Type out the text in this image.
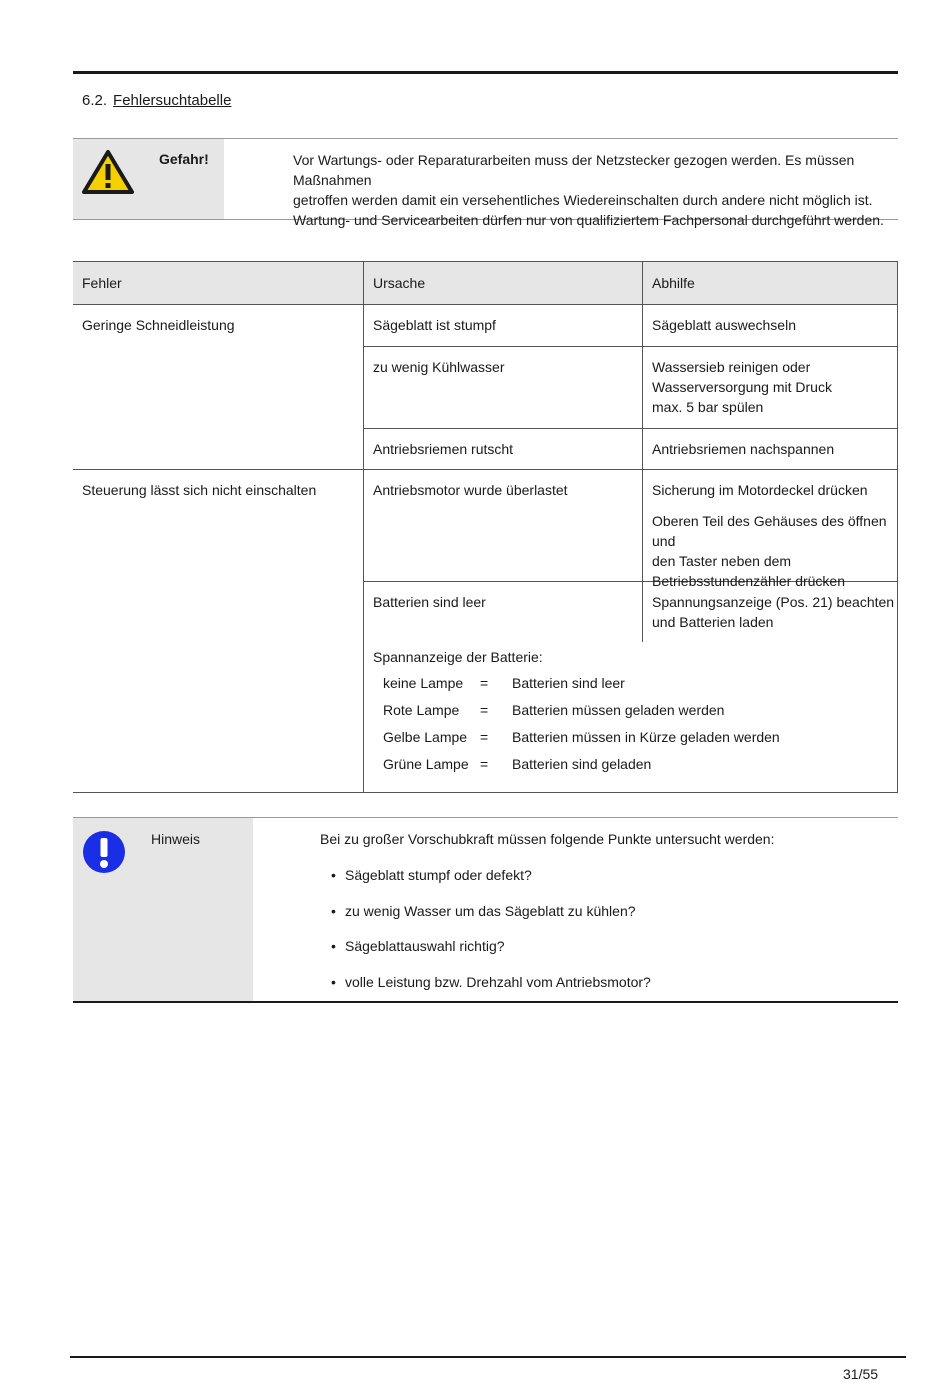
6.2. Fehlersuchtabelle
Gefahr!	Vor Wartungs- oder Reparaturarbeiten muss der Netzstecker gezogen werden. Es müssen Maßnahmen
getroffen werden damit ein versehentliches Wiedereinschalten durch andere nicht möglich ist.
Wartung- und Servicearbeiten dürfen nur von qualifiziertem Fachpersonal durchgeführt werden.
Fehler	Ursache	Abhilfe
Geringe Schneidleistung	Sägeblatt ist stumpf	Sägeblatt auswechseln
zu wenig Kühlwasser	Wassersieb reinigen oder
Wasserversorgung mit Druck
max. 5 bar spülen
Antriebsriemen rutscht	Antriebsriemen nachspannen
Steuerung lässt sich nicht einschalten	Antriebsmotor wurde überlastet	Sicherung im Motordeckel drücken
Oberen Teil des Gehäuses des öffnen und
den Taster neben dem
Betriebsstundenzähler drücken
Batterien sind leer	Spannungsanzeige (Pos. 21) beachten
und Batterien laden
Spannanzeige der Batterie:
keine Lampe = Batterien sind leer
Rote Lampe = Batterien müssen geladen werden
Gelbe Lampe = Batterien müssen in Kürze geladen werden
Grüne Lampe = Batterien sind geladen
Hinweis	Bei zu großer Vorschubkraft müssen folgende Punkte untersucht werden:
• Sägeblatt stumpf oder defekt?
• zu wenig Wasser um das Sägeblatt zu kühlen?
• Sägeblattauswahl richtig?
• volle Leistung bzw. Drehzahl vom Antriebsmotor?
31/55
